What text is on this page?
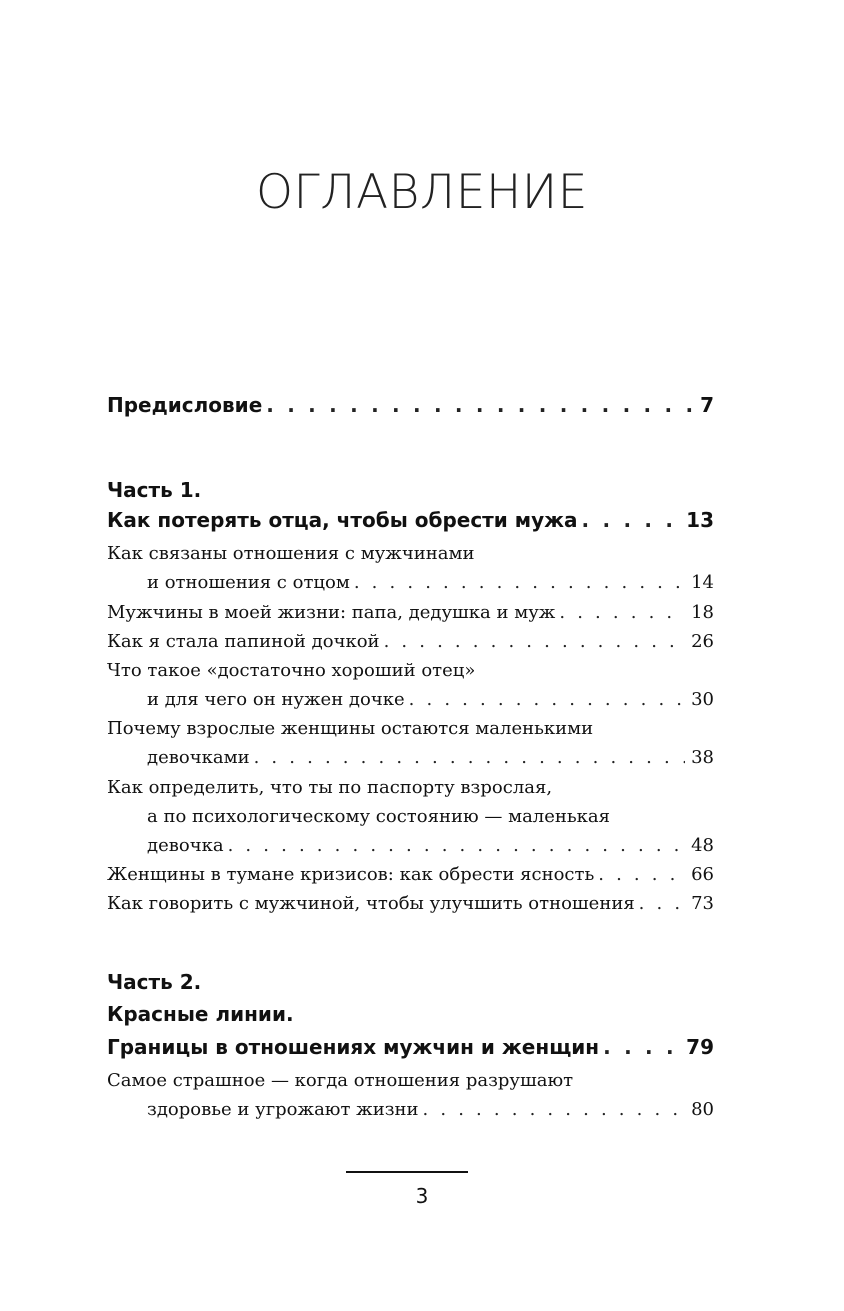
ОГЛАВЛЕНИЕ
Предисловие . . .	7
Часть 1.
Как потерять отца, чтобы обрести мужа . . .	13
Как связаны отношения с мужчинами
и отношения с отцом . . .	14
Мужчины в моей жизни: папа, дедушка и муж . . .	18
Как я стала папиной дочкой . . .	26
Что такое «достаточно хороший отец»
и для чего он нужен дочке . . .	30
Почему взрослые женщины остаются маленькими
девочками . . .	38
Как определить, что ты по паспорту взрослая,
а по психологическому состоянию — маленькая
девочка . . .	48
Женщины в тумане кризисов: как обрести ясность . . .	66
Как говорить с мужчиной, чтобы улучшить отношения . . .	73
Часть 2.
Красные линии.
Границы в отношениях мужчин и женщин . . .	79
Самое страшное — когда отношения разрушают
здоровье и угрожают жизни . . .	80
3
